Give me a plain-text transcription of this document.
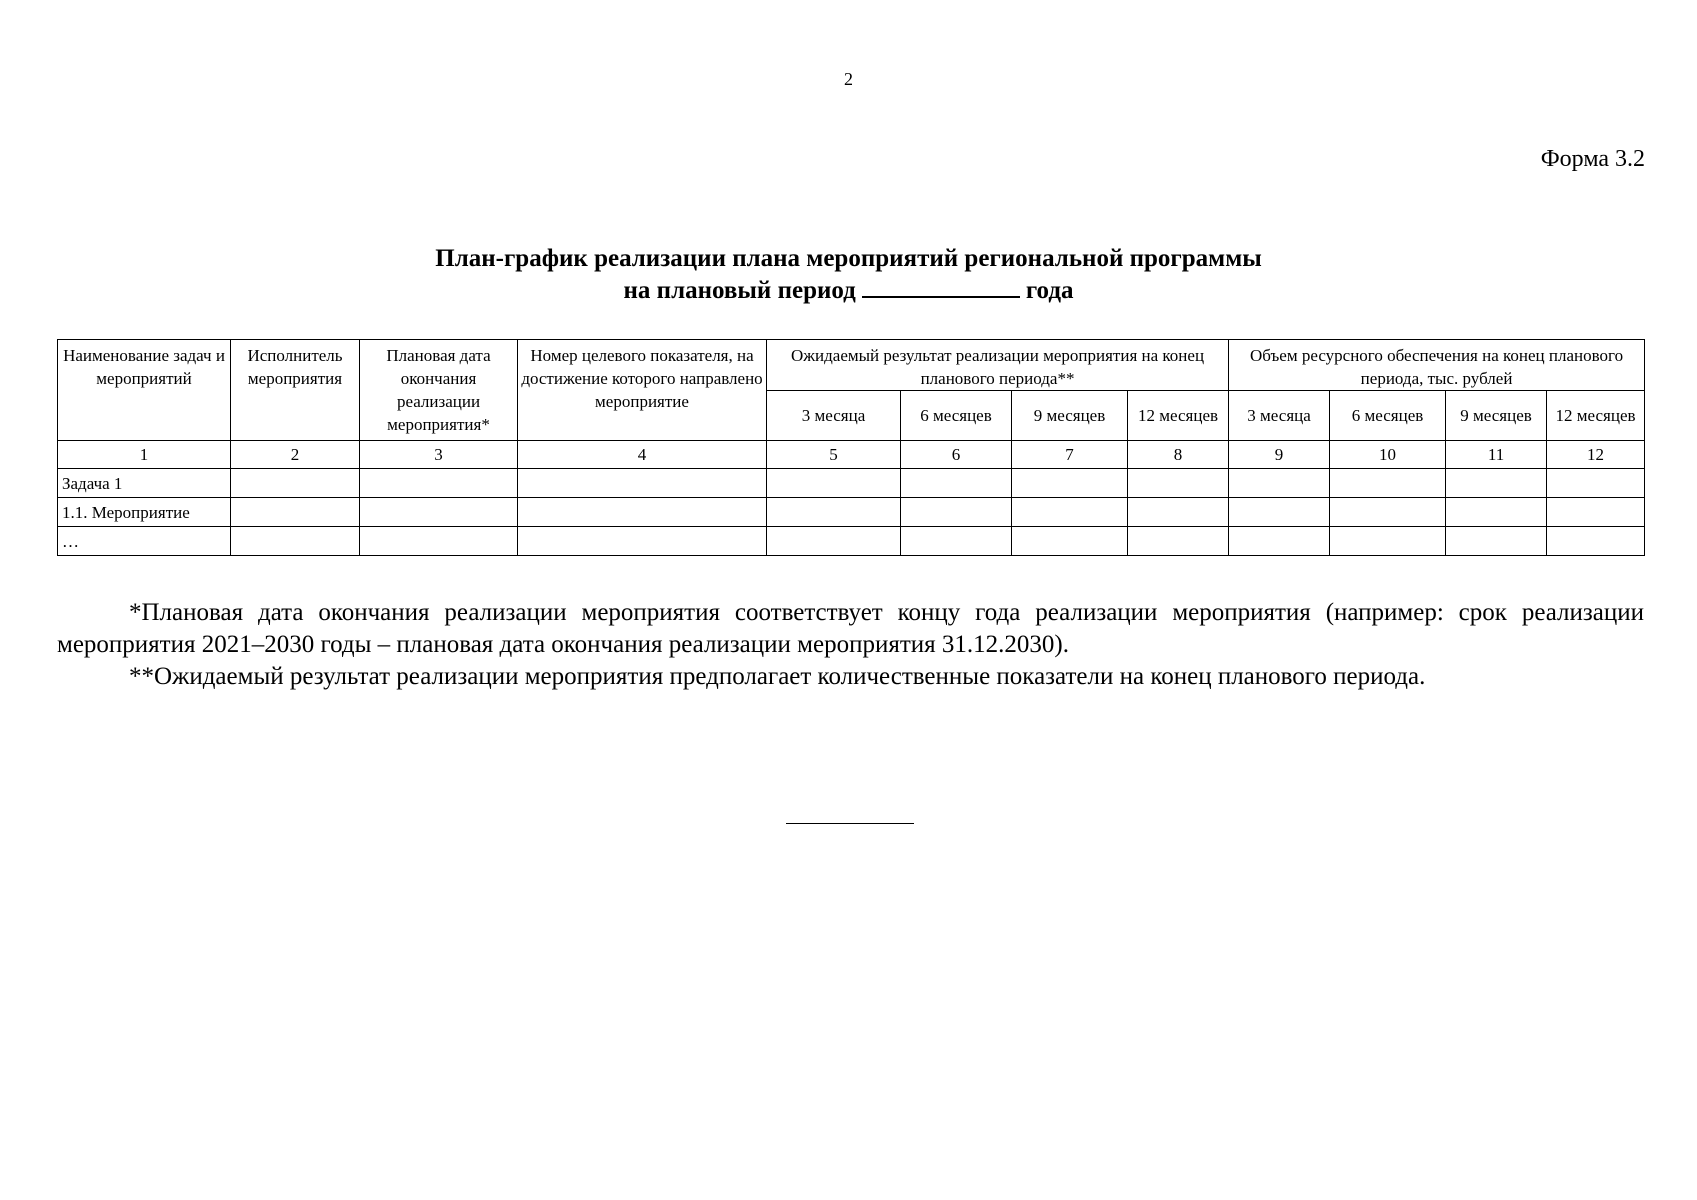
2
Форма 3.2
План-график реализации плана мероприятий региональной программы
на плановый период	года
Наименование задач и мероприятий	Исполнитель мероприятия	Плановая дата окончания реализации мероприятия*	Номер целевого показателя, на достижение которого направлено мероприятие	Ожидаемый результат реализации мероприятия на конец планового периода**				Объем ресурсного обеспечения на конец планового периода, тыс. рублей			
				3 месяца	6 месяцев	9 месяцев	12 месяцев	3 месяца	6 месяцев	9 месяцев	12 месяцев
1	2	3	4	5	6	7	8	9	10	11	12
Задача 1											
1.1. Мероприятие											
…											

*Плановая дата окончания реализации мероприятия соответствует концу года реализации мероприятия (например: срок реализации мероприятия 2021–2030 годы – плановая дата окончания реализации мероприятия 31.12.2030).

**Ожидаемый результат реализации мероприятия предполагает количественные показатели на конец планового периода.
